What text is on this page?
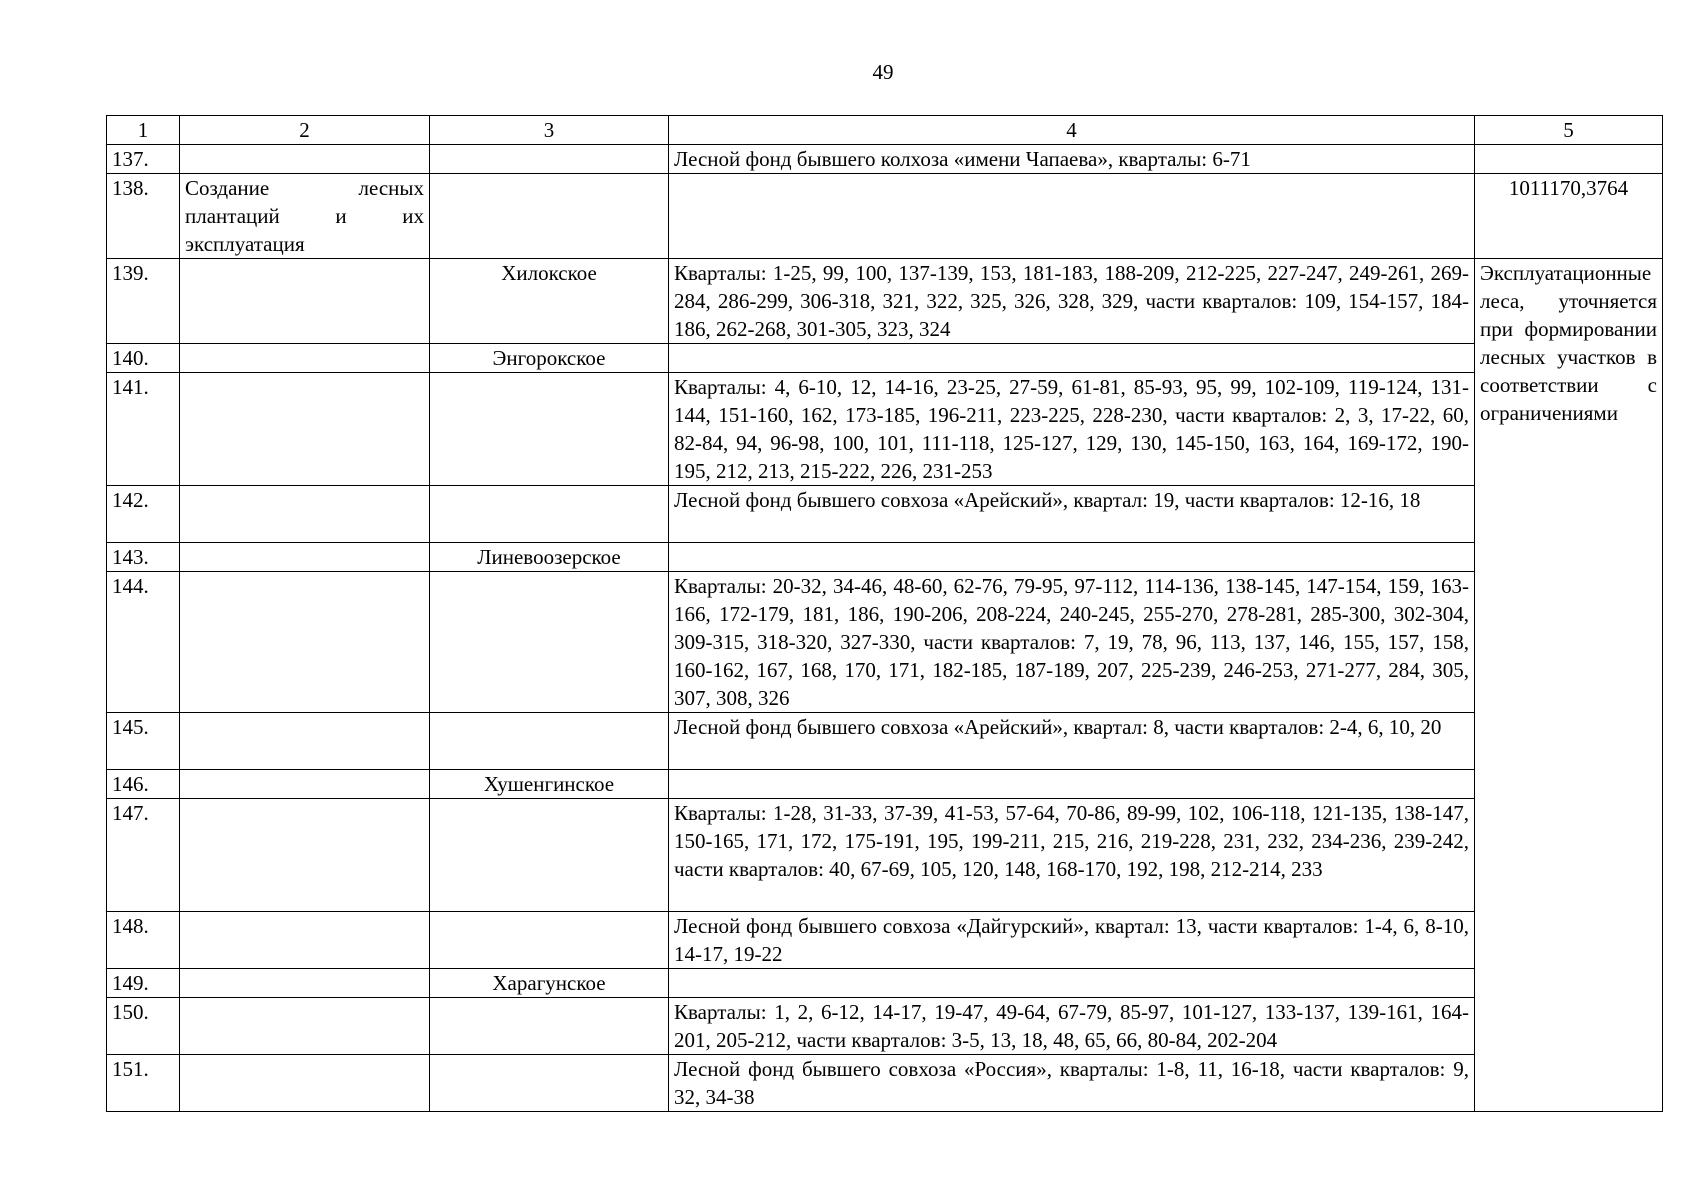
49
1	2	3	4	5	
137.			Лесной фонд бывшего колхоза «имени Чапаева», кварталы: 6-71		
138.	Создание лесных плантаций и их эксплуатация			1011170,3764	
139.		Хилокское	Кварталы: 1-25, 99, 100, 137-139, 153, 181-183, 188-209, 212-225, 227-247, 249-261, 269-284, 286-299, 306-318, 321, 322, 325, 326, 328, 329, части кварталов: 109, 154-157, 184-186, 262-268, 301-305, 323, 324	Эксплуатационные леса, уточняется при формировании лесных участков в соответствии с ограничениями	
140.		Энгорокское			
141.			Кварталы: 4, 6-10, 12, 14-16, 23-25, 27-59, 61-81, 85-93, 95, 99, 102-109, 119-124, 131-144, 151-160, 162, 173-185, 196-211, 223-225, 228-230, части кварталов: 2, 3, 17-22, 60, 82-84, 94, 96-98, 100, 101, 111-118, 125-127, 129, 130, 145-150, 163, 164, 169-172, 190-195, 212, 213, 215-222, 226, 231-253		
142.			Лесной фонд бывшего совхоза «Арейский», квартал: 19, части кварталов: 12-16, 18		
143.		Линевоозерское			
144.			Кварталы: 20-32, 34-46, 48-60, 62-76, 79-95, 97-112, 114-136, 138-145, 147-154, 159, 163-166, 172-179, 181, 186, 190-206, 208-224, 240-245, 255-270, 278-281, 285-300, 302-304, 309-315, 318-320, 327-330, части кварталов: 7, 19, 78, 96, 113, 137, 146, 155, 157, 158, 160-162, 167, 168, 170, 171, 182-185, 187-189, 207, 225-239, 246-253, 271-277, 284, 305, 307, 308, 326		
145.			Лесной фонд бывшего совхоза «Арейский», квартал: 8, части кварталов: 2-4, 6, 10, 20		
146.		Хушенгинское			
147.			Кварталы: 1-28, 31-33, 37-39, 41-53, 57-64, 70-86, 89-99, 102, 106-118, 121-135, 138-147, 150-165, 171, 172, 175-191, 195, 199-211, 215, 216, 219-228, 231, 232, 234-236, 239-242, части кварталов: 40, 67-69, 105, 120, 148, 168-170, 192, 198, 212-214, 233		
148.			Лесной фонд бывшего совхоза «Дайгурский», квартал: 13, части кварталов: 1-4, 6, 8-10, 14-17, 19-22		
149.		Харагунское			
150.			Кварталы: 1, 2, 6-12, 14-17, 19-47, 49-64, 67-79, 85-97, 101-127, 133-137, 139-161, 164-201, 205-212, части кварталов: 3-5, 13, 18, 48, 65, 66, 80-84, 202-204		
151.			Лесной фонд бывшего совхоза «Россия», кварталы: 1-8, 11, 16-18, части кварталов: 9, 32, 34-38		
